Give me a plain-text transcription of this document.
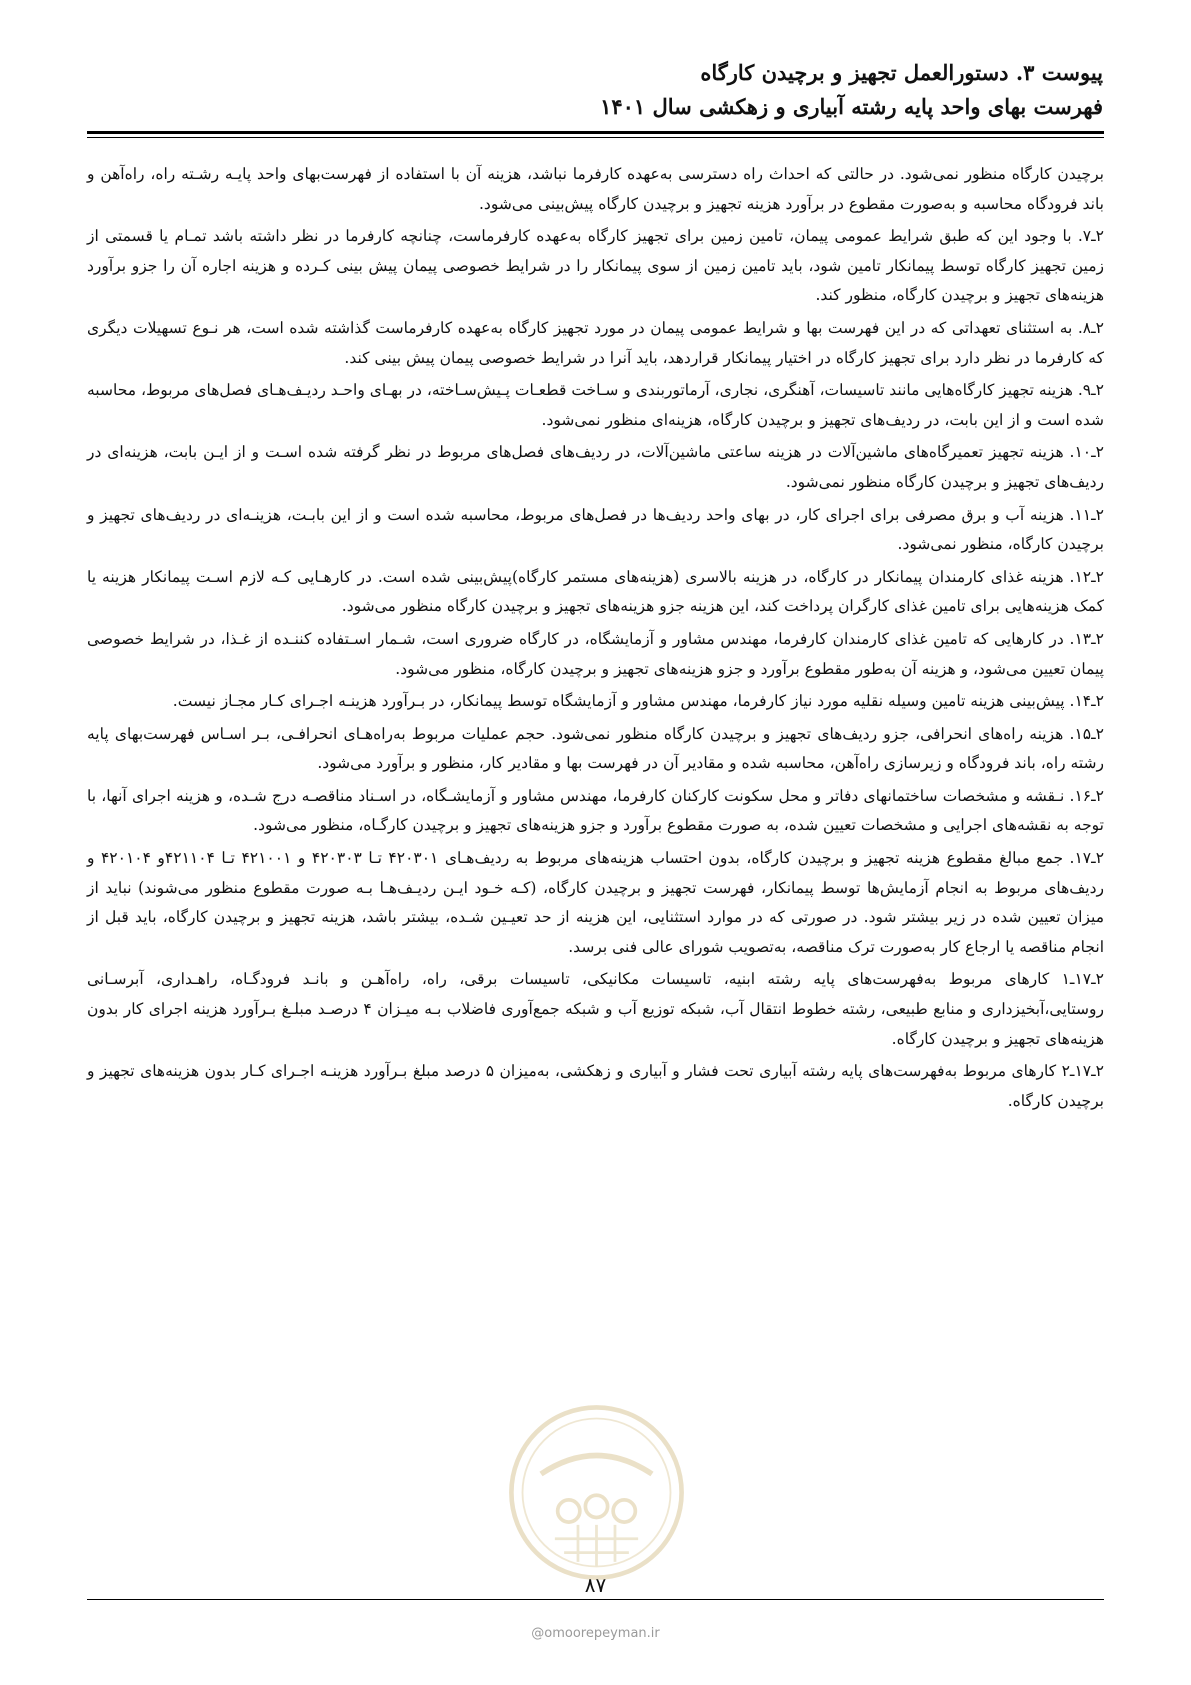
پیوست ۳. دستورالعمل تجهیز و برچیدن کارگاه
فهرست بهای واحد پایه رشته آبیاری و زهکشی سال ۱۴۰۱

برچیدن کارگاه منظور نمی‌شود. در حالتی که احداث راه دسترسی به‌عهده کارفرما نباشد، هزینه آن با استفاده از فهرست‌بهای واحد پایـه رشـته راه، راه‌آهن و باند فرودگاه محاسبه و به‌صورت مقطوع در برآورد هزینه تجهیز و برچیدن کارگاه پیش‌بینی می‌شود.

۲ـ۷. با وجود این که طبق شرایط عمومی پیمان، تامین زمین برای تجهیز کارگاه به‌عهده کارفرماست، چنانچه کارفرما در نظر داشته باشد تمـام یا قسمتی از زمین تجهیز کارگاه توسط پیمانکار تامین شود، باید تامین زمین از سوی پیمانکار را در شرایط خصوصی پیمان پیش بینی کـرده و هزینه اجاره آن را جزو برآورد هزینه‌های تجهیز و برچیدن کارگاه، منظور کند.

۲ـ۸. به استثنای تعهداتی که در این فهرست بها و شرایط عمومی پیمان در مورد تجهیز کارگاه به‌عهده کارفرماست گذاشته شده است، هر نـوع تسهیلات دیگری که کارفرما در نظر دارد برای تجهیز کارگاه در اختیار پیمانکار قراردهد، باید آنرا در شرایط خصوصی پیمان پیش بینی کند.

۲ـ۹. هزینه تجهیز کارگاه‌هایی مانند تاسیسات، آهنگری، نجاری، آرماتوربندی و سـاخت قطعـات پـیش‌سـاخته، در بهـای واحـد ردیـف‌هـای فصل‌های مربوط، محاسبه شده است و از این بابت، در ردیف‌های تجهیز و برچیدن کارگاه، هزینه‌ای منظور نمی‌شود.

۲ـ۱۰. هزینه تجهیز تعمیرگاه‌های ماشین‌آلات در هزینه ساعتی ماشین‌آلات، در ردیف‌های فصل‌های مربوط در نظر گرفته شده اسـت و از ایـن بابت، هزینه‌ای در ردیف‌های تجهیز و برچیدن کارگاه منظور نمی‌شود.

۲ـ۱۱. هزینه آب و برق مصرفی برای اجرای کار، در بهای واحد ردیف‌ها در فصل‌های مربوط، محاسبه شده است و از این بابـت، هزینـه‌ای در ردیف‌های تجهیز و برچیدن کارگاه، منظور نمی‌شود.

۲ـ۱۲. هزینه غذای کارمندان پیمانکار در کارگاه، در هزینه بالاسری (هزینه‌های مستمر کارگاه)پیش‌بینی شده است. در کارهـایی کـه لازم اسـت پیمانکار هزینه یا کمک هزینه‌هایی برای تامین غذای کارگران پرداخت کند، این هزینه جزو هزینه‌های تجهیز و برچیدن کارگاه منظور می‌شود.

۲ـ۱۳. در کارهایی که تامین غذای کارمندان کارفرما، مهندس مشاور و آزمایشگاه، در کارگاه ضروری است، شـمار اسـتفاده کننـده از غـذا، در شرایط خصوصی پیمان تعیین می‌شود، و هزینه آن به‌طور مقطوع برآورد و جزو هزینه‌های تجهیز و برچیدن کارگاه، منظور می‌شود.

۲ـ۱۴. پیش‌بینی هزینه تامین وسیله نقلیه مورد نیاز کارفرما، مهندس مشاور و آزمایشگاه توسط پیمانکار، در بـرآورد هزینـه اجـرای کـار مجـاز نیست.

۲ـ۱۵. هزینه راه‌های انحرافی، جزو ردیف‌های تجهیز و برچیدن کارگاه منظور نمی‌شود. حجم عملیات مربوط به‌راه‌هـای انحرافـی، بـر اسـاس فهرست‌بهای پایه رشته راه، باند فرودگاه و زیرسازی راه‌آهن، محاسبه شده و مقادیر آن در فهرست بها و مقادیر کار، منظور و برآورد می‌شود.

۲ـ۱۶. نـقشه و مشخصات ساختمانهای دفاتر و محل سکونت کارکنان کارفرما، مهندس مشاور و آزمایشـگاه، در اسـناد مناقصـه درج شـده، و هزینه اجرای آنها، با توجه به نقشه‌های اجرایی و مشخصات تعیین شده، به صورت مقطوع برآورد و جزو هزینه‌های تجهیز و برچیدن کارگـاه، منظور می‌شود.

۲ـ۱۷. جمع مبالغ مقطوع هزینه تجهیز و برچیدن کارگاه، بدون احتساب هزینه‌های مربوط به ردیف‌هـای ۴۲۰۳۰۱ تـا ۴۲۰۳۰۳ و ۴۲۱۰۰۱ تـا ۴۲۱۱۰۴و ۴۲۰۱۰۴ و ردیف‌های مربوط به انجام آزمایش‌ها توسط پیمانکار، فهرست تجهیز و برچیدن کارگاه، (کـه خـود ایـن ردیـف‌هـا بـه صورت مقطوع منظور می‌شوند) نباید از میزان تعیین شده در زیر بیشتر شود. در صورتی که در موارد استثنایی، این هزینه از حد تعیـین شـده، بیشتر باشد، هزینه تجهیز و برچیدن کارگاه، باید قبل از انجام مناقصه یا ارجاع کار به‌صورت ترک مناقصه، به‌تصویب شورای عالی فنی برسد.

۲ـ۱۷ـ۱ کارهای مربوط به‌فهرست‌های پایه رشته ابنیه، تاسیسات مکانیکی، تاسیسات برقی، راه، راه‌آهـن و بانـد فرودگـاه، راهـداری، آبرسـانی روستایی،آبخیزداری و منابع طبیعی، رشته خطوط انتقال آب، شبکه توزیع آب و شبکه جمع‌آوری فاضلاب بـه میـزان ۴ درصـد مبلـغ بـرآورد هزینه اجرای کار بدون هزینه‌های تجهیز و برچیدن کارگاه.

۲ـ۱۷ـ۲ کارهای مربوط به‌فهرست‌های پایه رشته آبیاری تحت فشار و آبیاری و زهکشی، به‌میزان ۵ درصد مبلغ بـرآورد هزینـه اجـرای کـار بدون هزینه‌های تجهیز و برچیدن کارگاه.

۸۷
@omoorepeyman.ir
